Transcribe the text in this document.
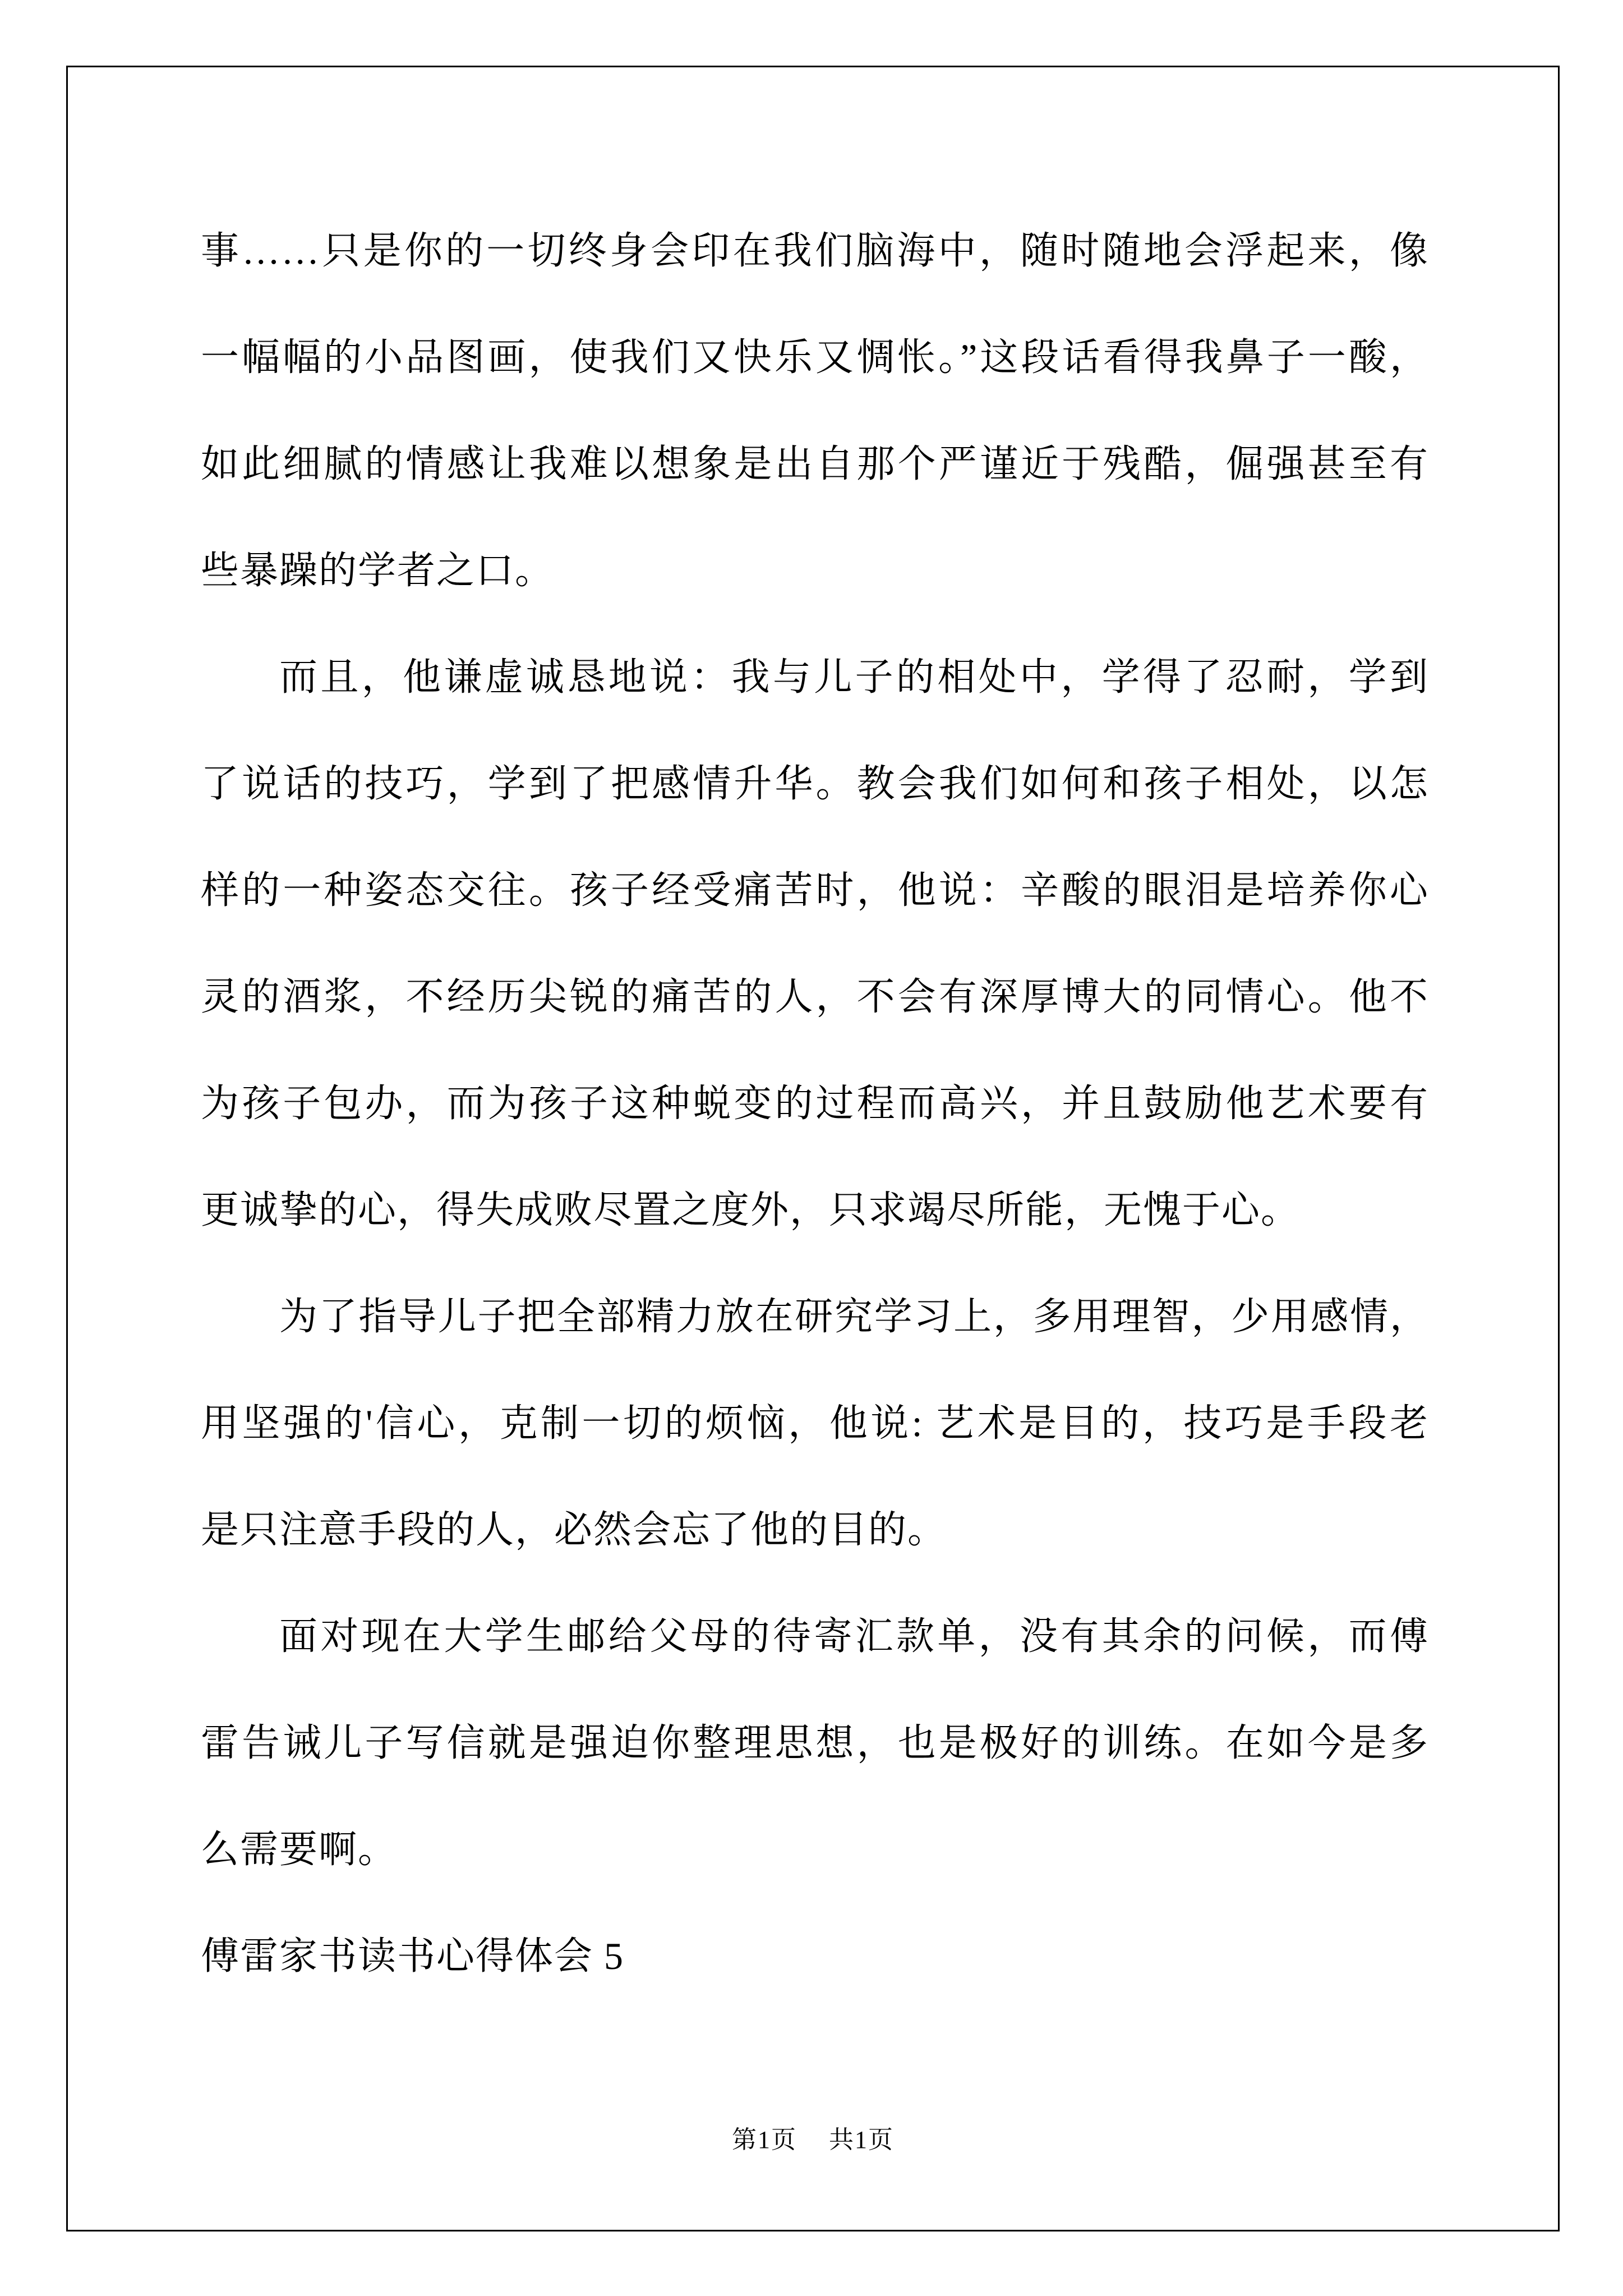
事……只是你的一切终身会印在我们脑海中，随时随地会浮起来，像
一幅幅的小品图画，使我们又快乐又惆怅。”这段话看得我鼻子一酸，
如此细腻的情感让我难以想象是出自那个严谨近于残酷，倔强甚至有
些暴躁的学者之口。
而且，他谦虚诚恳地说：我与儿子的相处中，学得了忍耐，学到
了说话的技巧，学到了把感情升华。教会我们如何和孩子相处，以怎
样的一种姿态交往。孩子经受痛苦时，他说：辛酸的眼泪是培养你心
灵的酒浆，不经历尖锐的痛苦的人，不会有深厚博大的同情心。他不
为孩子包办，而为孩子这种蜕变的过程而高兴，并且鼓励他艺术要有
更诚挚的心，得失成败尽置之度外，只求竭尽所能，无愧于心。
为了指导儿子把全部精力放在研究学习上，多用理智，少用感情，
用坚强的'信心，克制一切的烦恼，他说: 艺术是目的，技巧是手段老
是只注意手段的人，必然会忘了他的目的。
面对现在大学生邮给父母的待寄汇款单，没有其余的问候，而傅
雷告诫儿子写信就是强迫你整理思想，也是极好的训练。在如今是多
么需要啊。
傅雷家书读书心得体会 5
第1页 共1页
